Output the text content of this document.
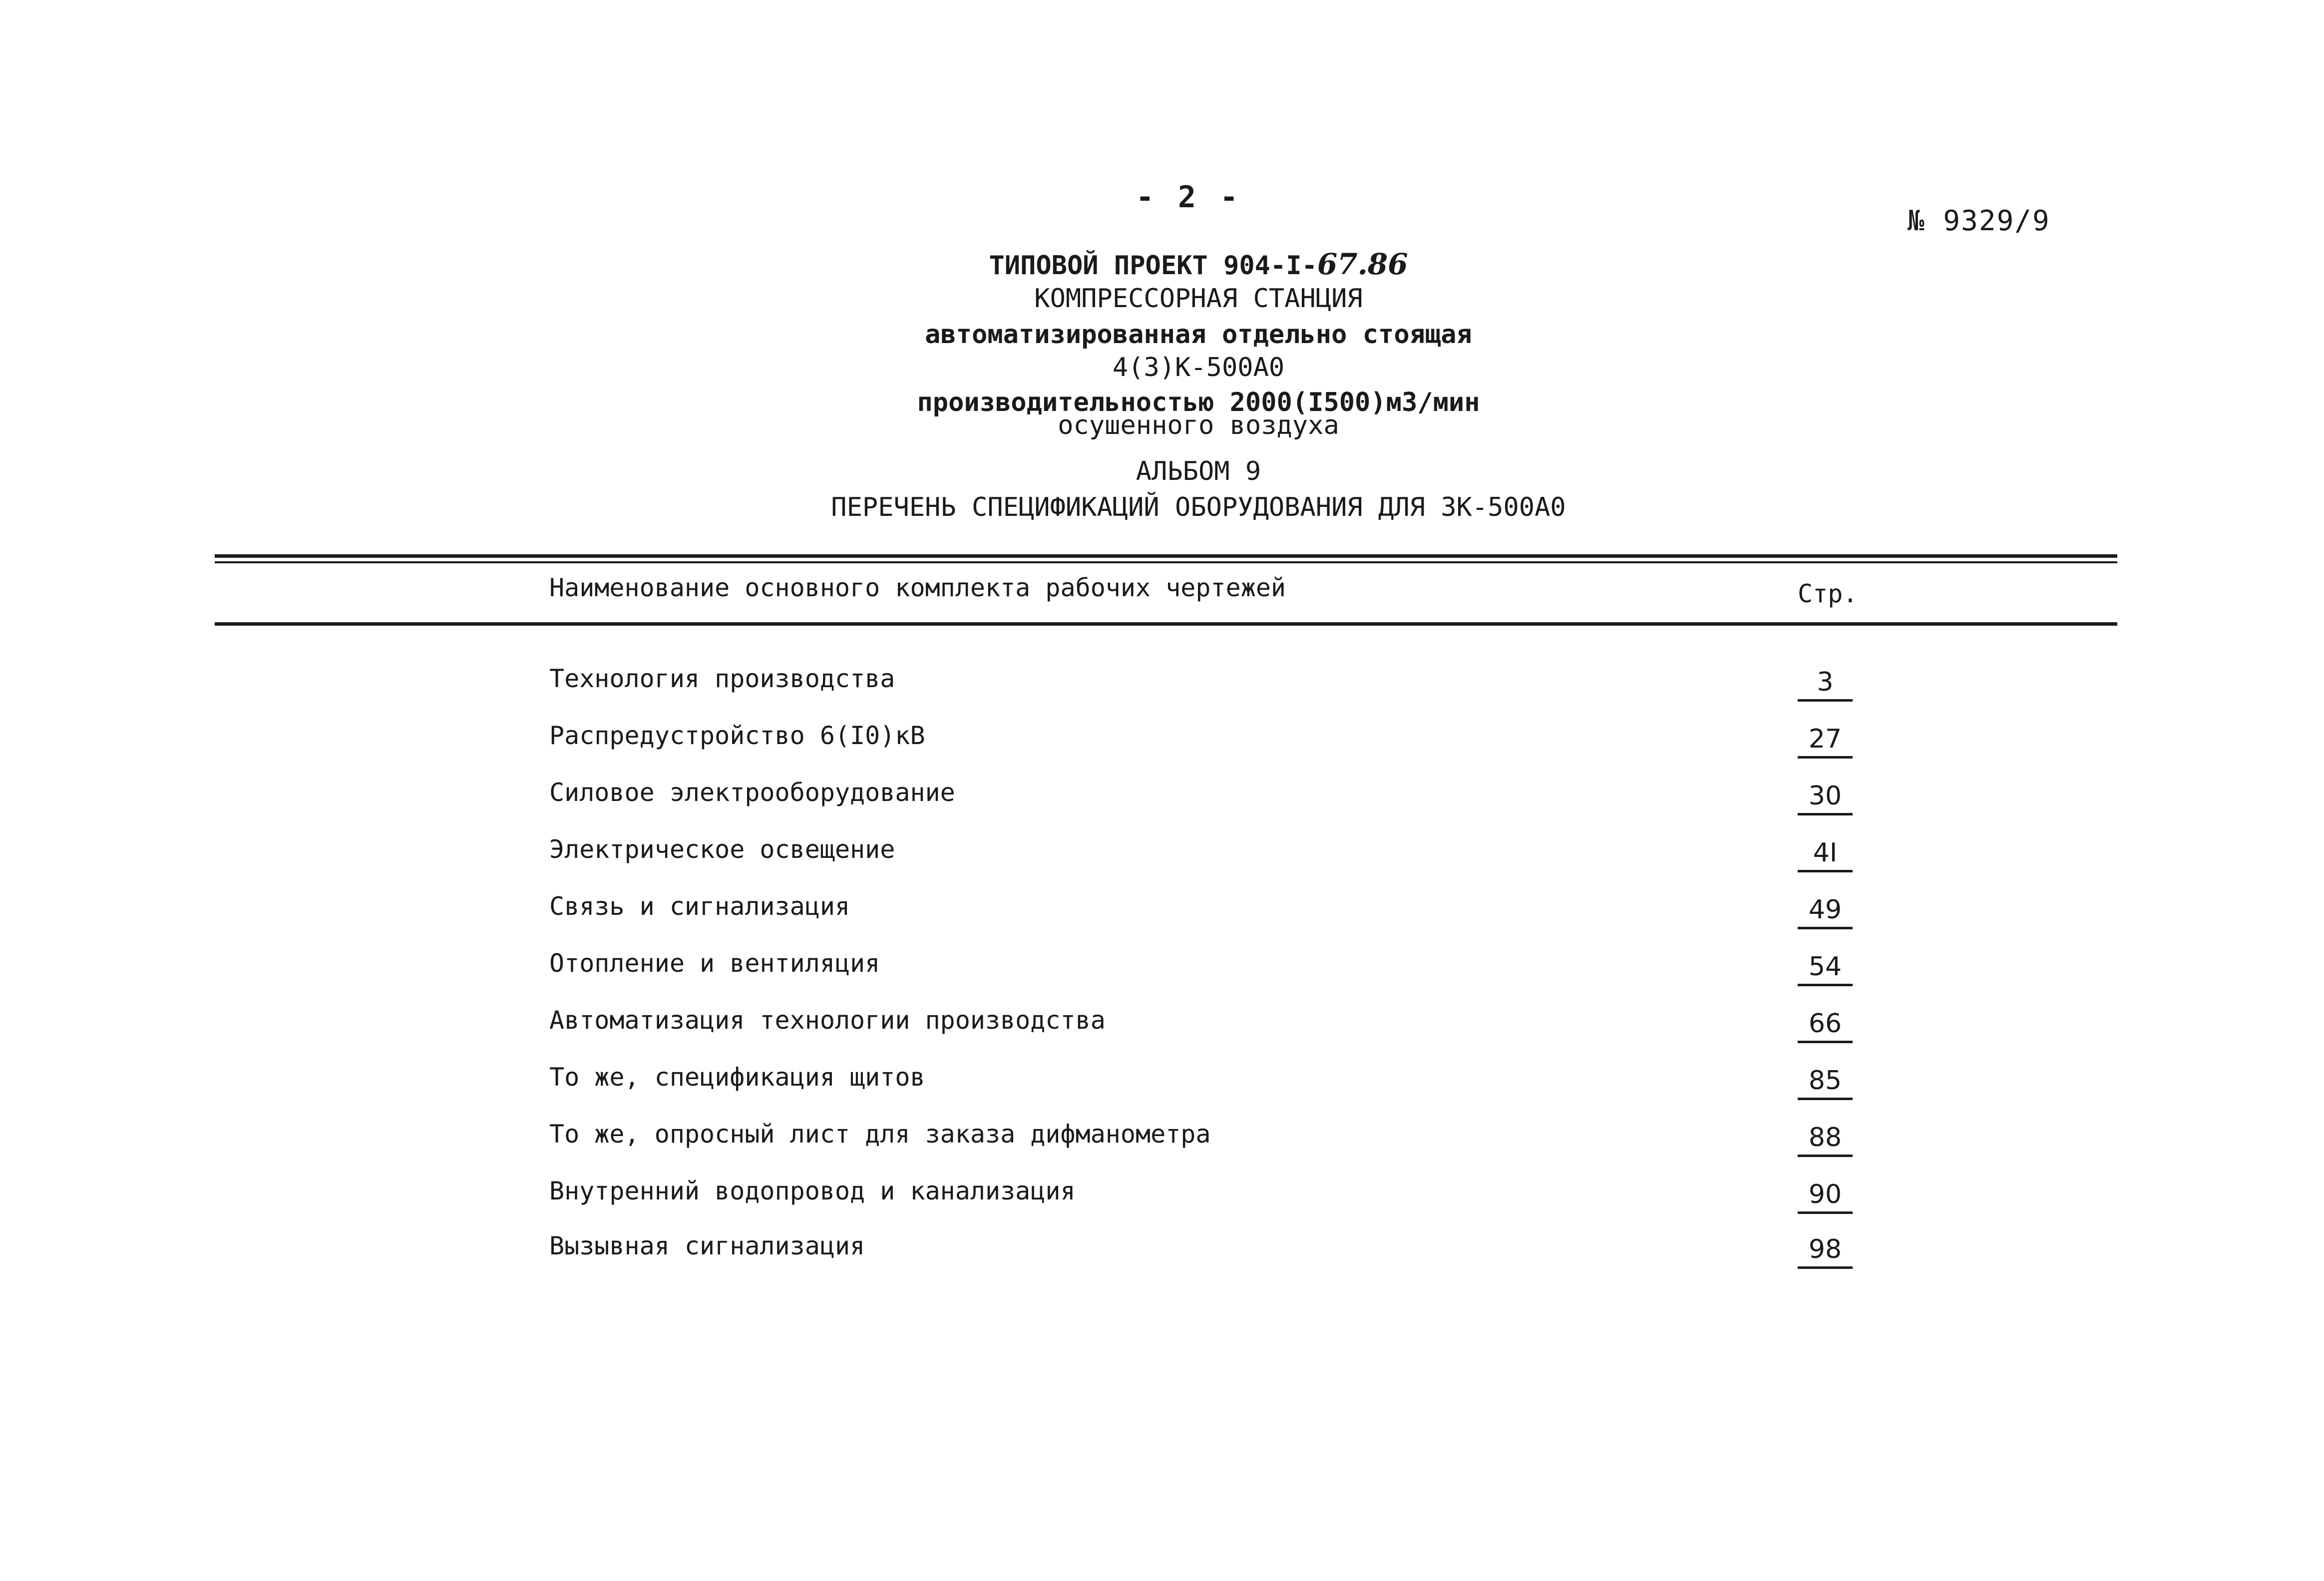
- 2 -
№ 9329/9
ТИПОВОЙ ПРОЕКТ 904-I-67.86
КОМПРЕССОРНАЯ СТАНЦИЯ
автоматизированная отдельно стоящая
4(3)К-500А0
производительностью 2000(I500)м3/мин
осушенного воздуха
АЛЬБОМ 9
ПЕРЕЧЕНЬ СПЕЦИФИКАЦИЙ ОБОРУДОВАНИЯ ДЛЯ 3К-500А0
Наименование основного комплекта рабочих чертежей	Стр.
Технология производства	3
Распредустройство 6(I0)кВ	27
Силовое электрооборудование	30
Электрическое освещение	4I
Связь и сигнализация	49
Отопление и вентиляция	54
Автоматизация технологии производства	66
То же, спецификация щитов	85
То же, опросный лист для заказа дифманометра	88
Внутренний водопровод и канализация	90
Вызывная сигнализация	98
